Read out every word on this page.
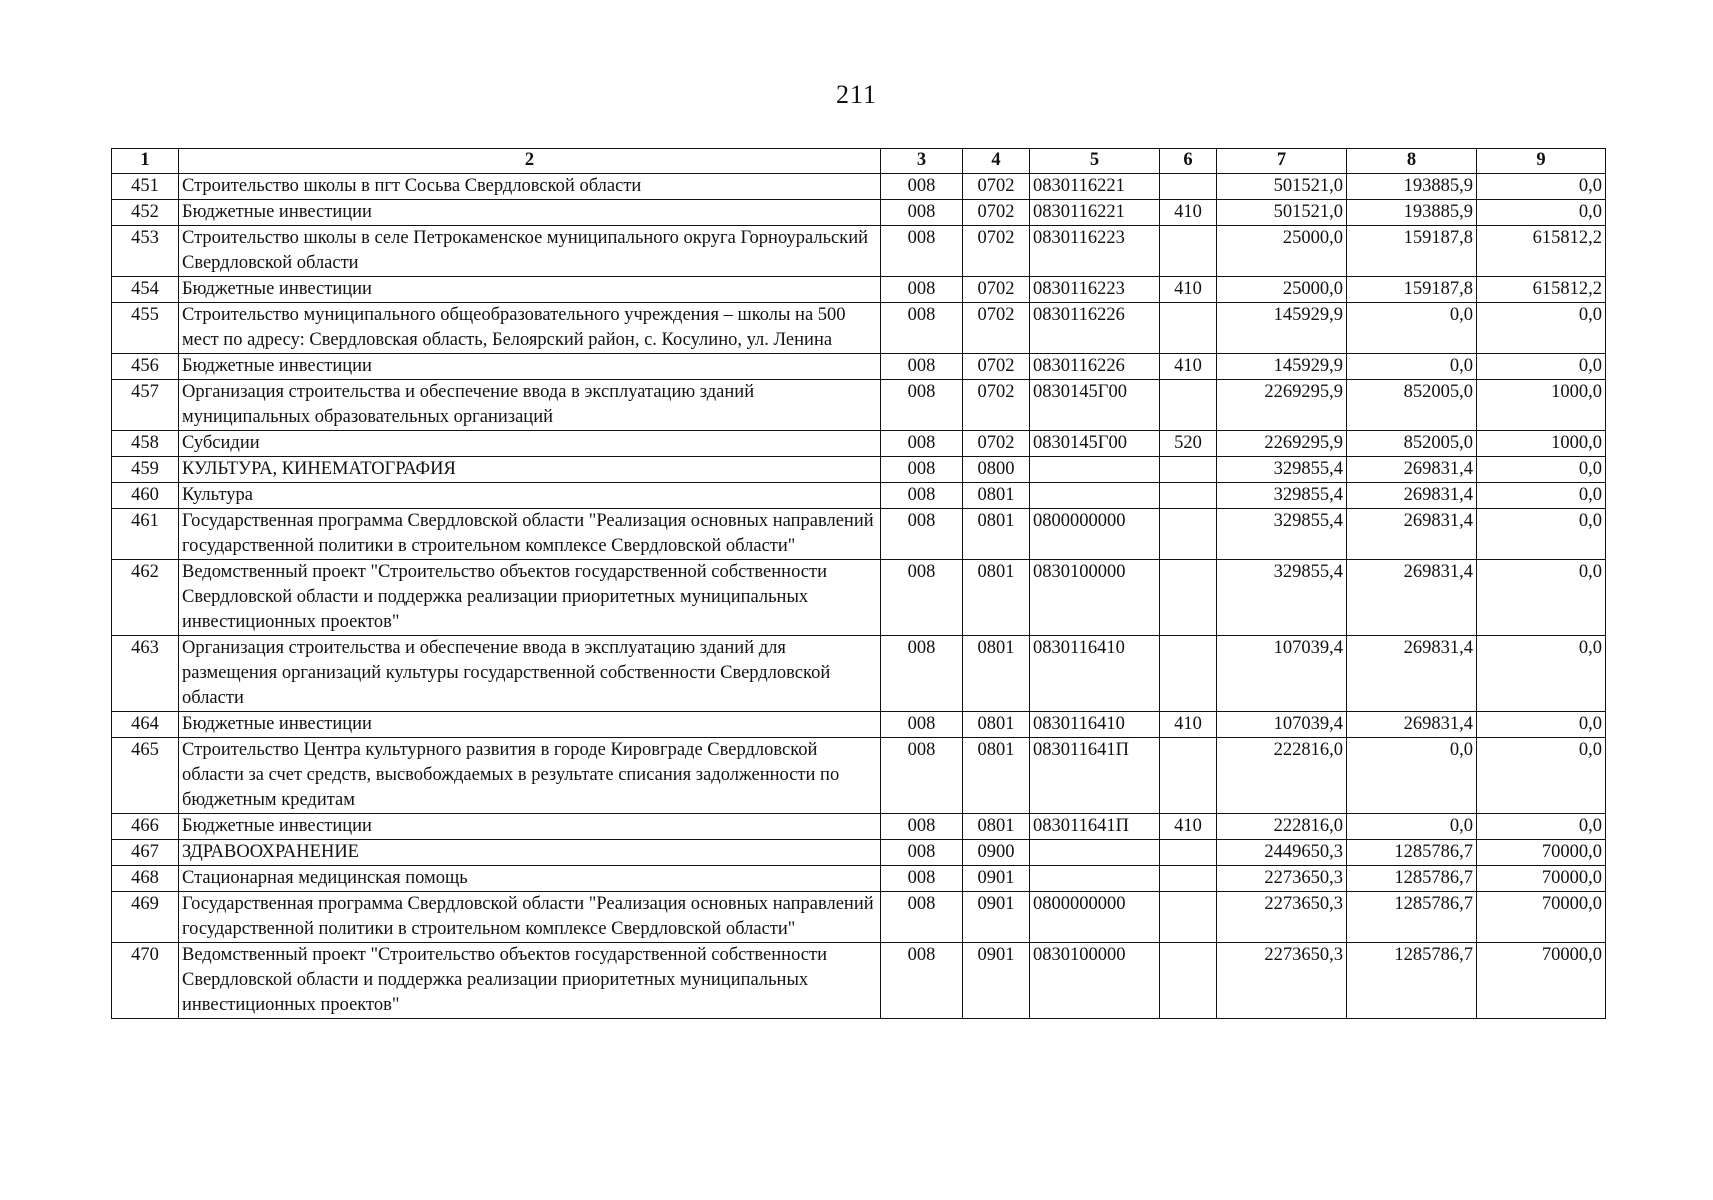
211
1	2	3	4	5	6	7	8	9
451	Строительство школы в пгт Сосьва Свердловской области	008	0702	0830116221		501521,0	193885,9	0,0
452	Бюджетные инвестиции	008	0702	0830116221	410	501521,0	193885,9	0,0
453	Строительство школы в селе Петрокаменское муниципального округа Горноуральский Свердловской области	008	0702	0830116223		25000,0	159187,8	615812,2
454	Бюджетные инвестиции	008	0702	0830116223	410	25000,0	159187,8	615812,2
455	Строительство муниципального общеобразовательного учреждения – школы на 500 мест по адресу: Свердловская область, Белоярский район, с. Косулино, ул. Ленина	008	0702	0830116226		145929,9	0,0	0,0
456	Бюджетные инвестиции	008	0702	0830116226	410	145929,9	0,0	0,0
457	Организация строительства и обеспечение ввода в эксплуатацию зданий муниципальных образовательных организаций	008	0702	0830145Г00		2269295,9	852005,0	1000,0
458	Субсидии	008	0702	0830145Г00	520	2269295,9	852005,0	1000,0
459	КУЛЬТУРА, КИНЕМАТОГРАФИЯ	008	0800			329855,4	269831,4	0,0
460	Культура	008	0801			329855,4	269831,4	0,0
461	Государственная программа Свердловской области "Реализация основных направлений государственной политики в строительном комплексе Свердловской области"	008	0801	0800000000		329855,4	269831,4	0,0
462	Ведомственный проект "Строительство объектов государственной собственности Свердловской области и поддержка реализации приоритетных муниципальных инвестиционных проектов"	008	0801	0830100000		329855,4	269831,4	0,0
463	Организация строительства и обеспечение ввода в эксплуатацию зданий для размещения организаций культуры государственной собственности Свердловской области	008	0801	0830116410		107039,4	269831,4	0,0
464	Бюджетные инвестиции	008	0801	0830116410	410	107039,4	269831,4	0,0
465	Строительство Центра культурного развития в городе Кировграде Свердловской области за счет средств, высвобождаемых в результате списания задолженности по бюджетным кредитам	008	0801	083011641П		222816,0	0,0	0,0
466	Бюджетные инвестиции	008	0801	083011641П	410	222816,0	0,0	0,0
467	ЗДРАВООХРАНЕНИЕ	008	0900			2449650,3	1285786,7	70000,0
468	Стационарная медицинская помощь	008	0901			2273650,3	1285786,7	70000,0
469	Государственная программа Свердловской области "Реализация основных направлений государственной политики в строительном комплексе Свердловской области"	008	0901	0800000000		2273650,3	1285786,7	70000,0
470	Ведомственный проект "Строительство объектов государственной собственности Свердловской области и поддержка реализации приоритетных муниципальных инвестиционных проектов"	008	0901	0830100000		2273650,3	1285786,7	70000,0
